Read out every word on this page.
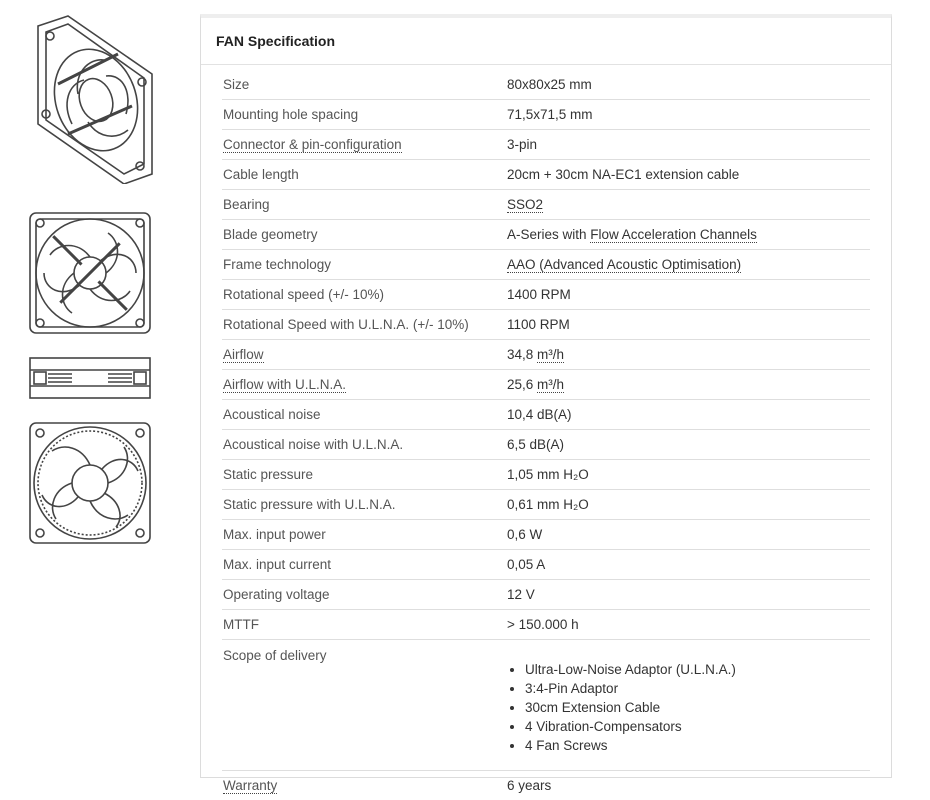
FAN Specification
Size	80x80x25 mm
Mounting hole spacing	71,5x71,5 mm
Connector & pin-configuration	3-pin
Cable length	20cm + 30cm NA-EC1 extension cable
Bearing	SSO2
Blade geometry	A-Series with Flow Acceleration Channels
Frame technology	AAO (Advanced Acoustic Optimisation)
Rotational speed (+/- 10%)	1400 RPM
Rotational Speed with U.L.N.A. (+/- 10%)	1100 RPM
Airflow	34,8 m³/h
Airflow with U.L.N.A.	25,6 m³/h
Acoustical noise	10,4 dB(A)
Acoustical noise with U.L.N.A.	6,5 dB(A)
Static pressure	1,05 mm H₂O
Static pressure with U.L.N.A.	0,61 mm H₂O
Max. input power	0,6 W
Max. input current	0,05 A
Operating voltage	12 V
MTTF	> 150.000 h
Scope of delivery
• Ultra-Low-Noise Adaptor (U.L.N.A.)
• 3:4-Pin Adaptor
• 30cm Extension Cable
• 4 Vibration-Compensators
• 4 Fan Screws
Warranty	6 years
